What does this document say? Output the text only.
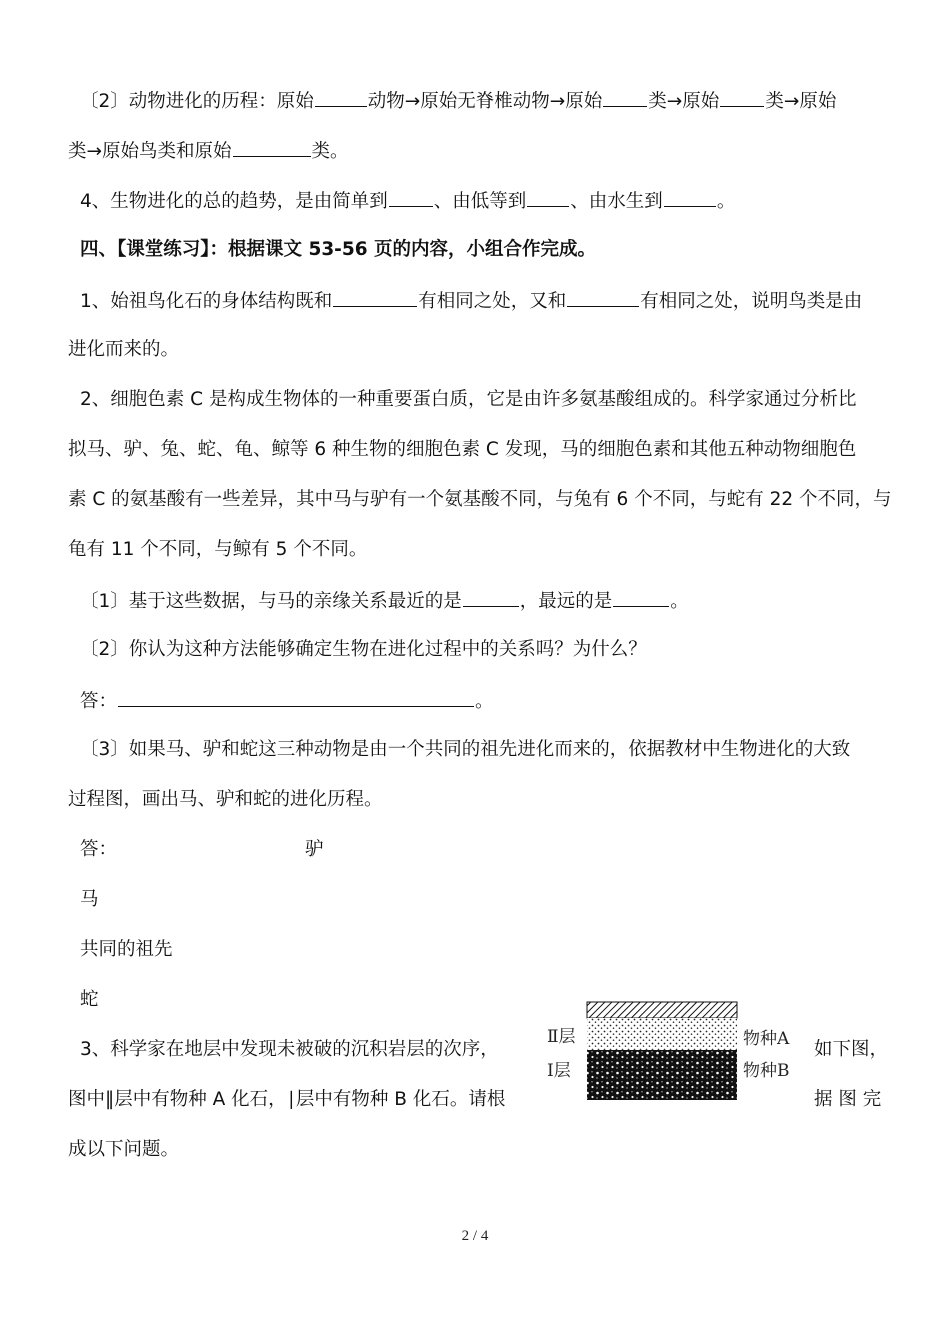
〔2〕动物进化的历程：原始	动物→原始无脊椎动物→原始 类→原始 类→原始
类→原始鸟类和原始	类。
4、生物进化的总的趋势，是由简单到 、由低等到 、由水生到	。
四、【课堂练习】：根据课文 53-56 页的内容，小组合作完成。
1、始祖鸟化石的身体结构既和	有相同之处，又和	有相同之处，说明鸟类是由
进化而来的。
2、细胞色素 C 是构成生物体的一种重要蛋白质，它是由许多氨基酸组成的。科学家通过分析比
拟马、驴、兔、蛇、龟、鲸等 6 种生物的细胞色素 C 发现，马的细胞色素和其他五种动物细胞色
素 C 的氨基酸有一些差异，其中马与驴有一个氨基酸不同，与兔有 6 个不同，与蛇有 22 个不同，与
龟有 11 个不同，与鲸有 5 个不同。
〔1〕基于这些数据，与马的亲缘关系最近的是	，最远的是	。
〔2〕你认为这种方法能够确定生物在进化过程中的关系吗？为什么？
答：	。
〔3〕如果马、驴和蛇这三种动物是由一个共同的祖先进化而来的，依据教材中生物进化的大致
过程图，画出马、驴和蛇的进化历程。
答：	驴
马
共同的祖先
蛇
3、科学家在地层中发现未被破的沉积岩层的次序，	如下图，
图中‖层中有物种 A 化石，∣层中有物种 B 化石。请根	据 图 完
成以下问题。
Ⅱ层
Ⅰ层
物种A
物种B
2 / 4
